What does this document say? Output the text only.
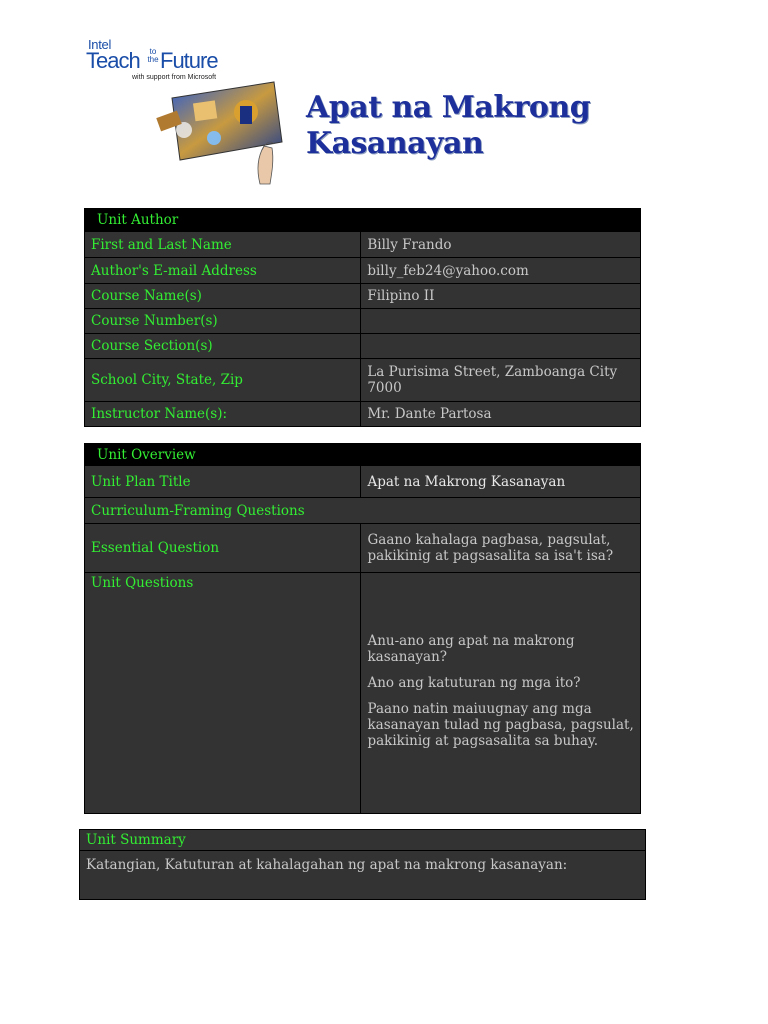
Intel
Teach	to the Future
with support from Microsoft
Apat na Makrong
Kasanayan
Unit Author	
First and Last Name	Billy Frando
Author's E-mail Address	billy_feb24@yahoo.com
Course Name(s)	Filipino II
Course Number(s)	
Course Section(s)	
School City, State, Zip	La Purisima Street, Zamboanga City 7000
Instructor Name(s):	Mr. Dante Partosa
Unit Overview	
Unit Plan Title	Apat na Makrong Kasanayan
Curriculum-Framing Questions	
Essential Question	Gaano kahalaga pagbasa, pagsulat, pakikinig at pagsasalita sa isa't isa?
Unit Questions	Anu-ano ang apat na makrong kasanayan?

Ano ang katuturan ng mga ito?

Paano natin maiuugnay ang mga kasanayan tulad ng pagbasa, pagsulat, pakikinig at pagsasalita sa buhay.

Unit Summary
Katangian, Katuturan at kahalagahan ng apat na makrong kasanayan:
